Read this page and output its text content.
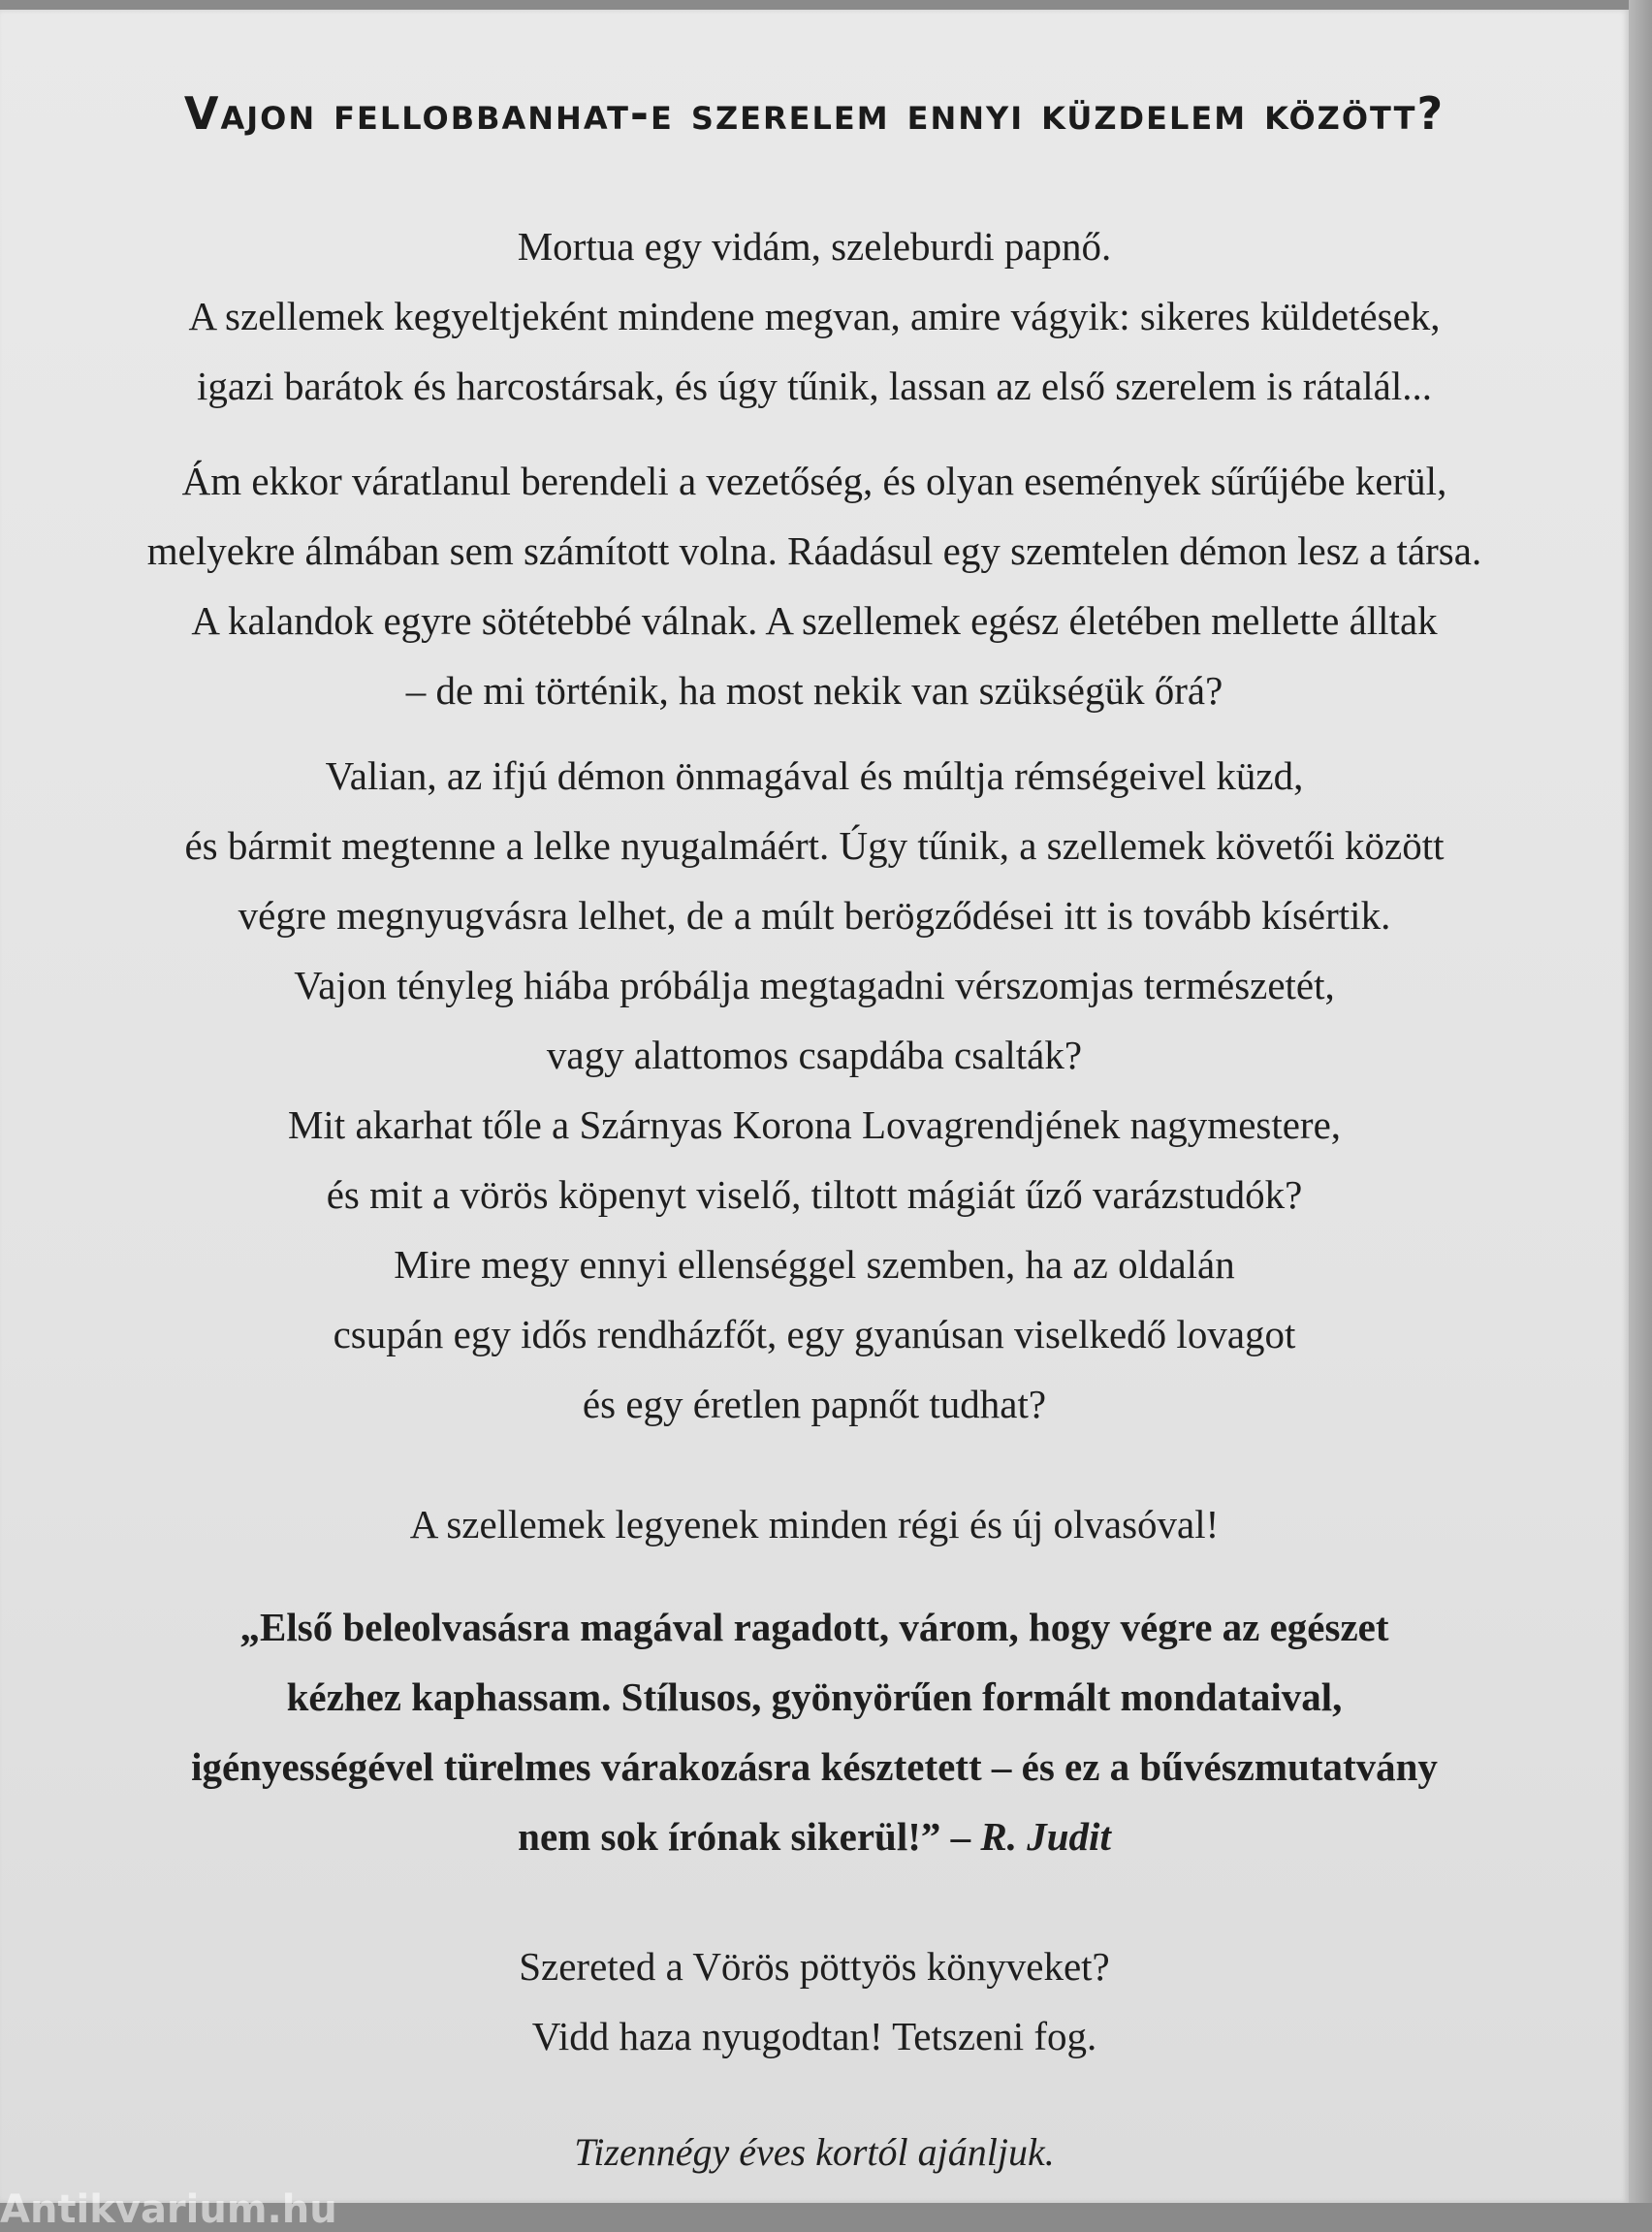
Vajon fellobbanhat-e szerelem ennyi küzdelem között?
Mortua egy vidám, szeleburdi papnő.
A szellemek kegyeltjeként mindene megvan, amire vágyik: sikeres küldetések,
igazi barátok és harcostársak, és úgy tűnik, lassan az első szerelem is rátalál...
Ám ekkor váratlanul berendeli a vezetőség, és olyan események sűrűjébe kerül,
melyekre álmában sem számított volna. Ráadásul egy szemtelen démon lesz a társa.
A kalandok egyre sötétebbé válnak. A szellemek egész életében mellette álltak
– de mi történik, ha most nekik van szükségük őrá?
Valian, az ifjú démon önmagával és múltja rémségeivel küzd,
és bármit megtenne a lelke nyugalmáért. Úgy tűnik, a szellemek követői között
végre megnyugvásra lelhet, de a múlt berögződései itt is tovább kísértik.
Vajon tényleg hiába próbálja megtagadni vérszomjas természetét,
vagy alattomos csapdába csalták?
Mit akarhat tőle a Szárnyas Korona Lovagrendjének nagymestere,
és mit a vörös köpenyt viselő, tiltott mágiát űző varázstudók?
Mire megy ennyi ellenséggel szemben, ha az oldalán
csupán egy idős rendházfőt, egy gyanúsan viselkedő lovagot
és egy éretlen papnőt tudhat?
A szellemek legyenek minden régi és új olvasóval!
„Első beleolvasásra magával ragadott, várom, hogy végre az egészet
kézhez kaphassam. Stílusos, gyönyörűen formált mondataival,
igényességével türelmes várakozásra késztetett – és ez a bűvészmutatvány
nem sok írónak sikerül!” – R. Judit
Szereted a Vörös pöttyös könyveket?
Vidd haza nyugodtan! Tetszeni fog.
Tizennégy éves kortól ajánljuk.
Antikvarium.hu
